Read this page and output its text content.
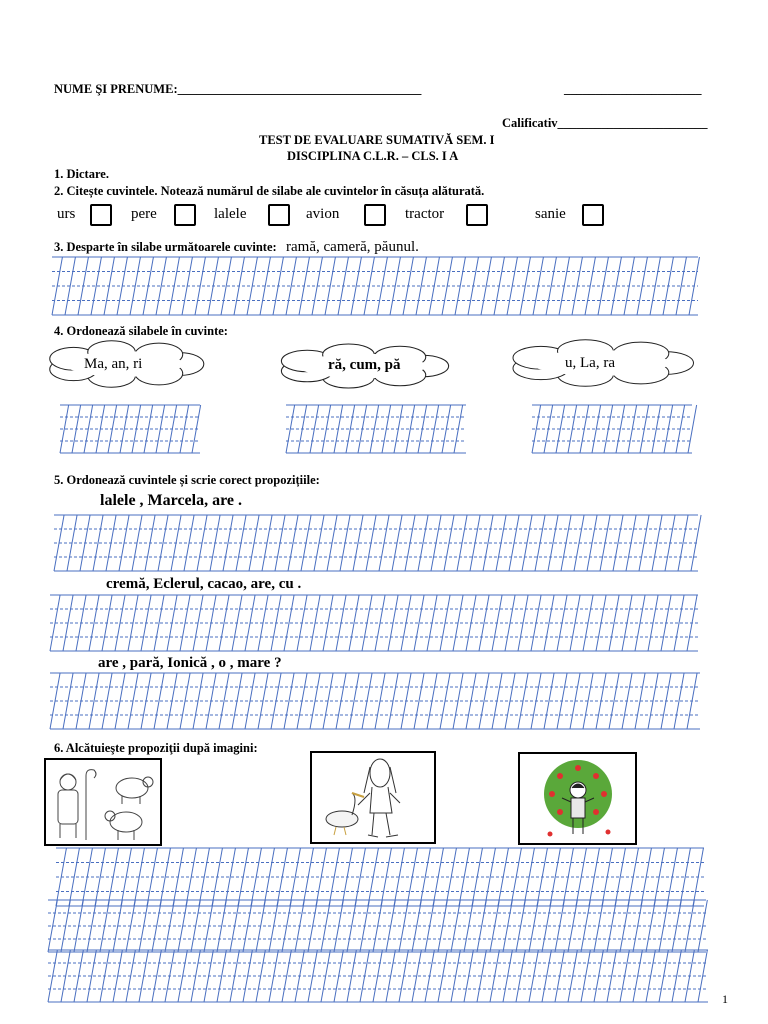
NUME ŞI PRENUME:_______________________________________	______________________
Calificativ________________________
TEST DE EVALUARE SUMATIVĂ SEM. I
DISCIPLINA C.L.R. – CLS. I A
1. Dictare.
2. Citește cuvintele. Notează numărul de silabe ale cuvintelor în căsuța alăturată.
urs	pere	lalele	avion	tractor	sanie
3. Desparte în silabe următoarele cuvinte: ramă, cameră, păunul.
4. Ordonează silabele în cuvinte:
5. Ordonează cuvintele și scrie corect propozițiile:
lalele , Marcela, are .
cremă, Eclerul, cacao, are, cu .
are , pară, Ionică , o , mare ?
6. Alcătuieşte propoziţii după imagini:
1
Ma, an, ri	ră, cum, pă	u, La, ra
